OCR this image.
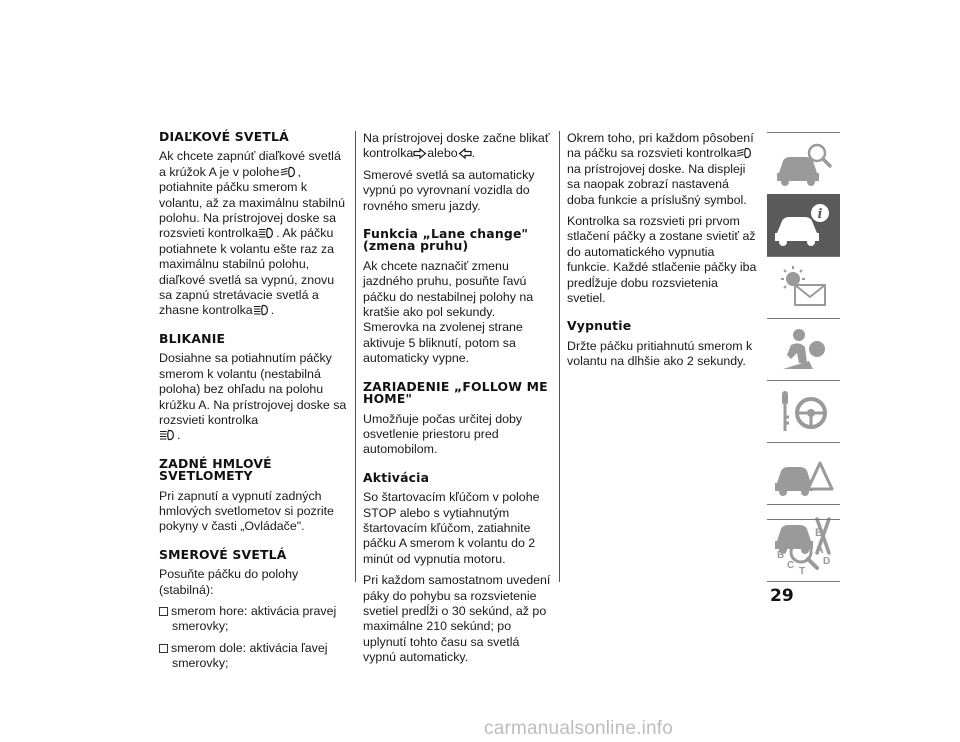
DIAĽKOVÉ SVETLÁ

Ak chcete zapnúť diaľkové svetlá a krúžok A je v polohe , potiahnite páčku smerom k volantu, až za maximálnu stabilnú polohu. Na prístrojovej doske sa rozsvieti kontrolka . Ak páčku potiahnete k volantu ešte raz za maximálnu stabilnú polohu, diaľkové svetlá sa vypnú, znovu sa zapnú stretávacie svetlá a zhasne kontrolka .

BLIKANIE

Dosiahne sa potiahnutím páčky smerom k volantu (nestabilná poloha) bez ohľadu na polohu krúžku A. Na prístrojovej doske sa rozsvieti kontrolka
.

ZADNÉ HMLOVÉ SVETLOMETY

Pri zapnutí a vypnutí zadných hmlových svetlometov si pozrite pokyny v časti „Ovládače".

SMEROVÉ SVETLÁ

Posuňte páčku do polohy (stabilná):

smerom hore: aktivácia pravej smerovky;
smerom dole: aktivácia ľavej smerovky;

Na prístrojovej doske začne blikať kontrolka alebo .

Smerové svetlá sa automaticky vypnú po vyrovnaní vozidla do rovného smeru jazdy.

Funkcia „Lane change" (zmena pruhu)

Ak chcete naznačiť zmenu jazdného pruhu, posuňte ľavú páčku do nestabilnej polohy na kratšie ako pol sekundy. Smerovka na zvolenej strane aktivuje 5 bliknutí, potom sa automaticky vypne.

ZARIADENIE „FOLLOW ME HOME"

Umožňuje počas určitej doby osvetlenie priestoru pred automobilom.

Aktivácia

So štartovacím kľúčom v polohe STOP alebo s vytiahnutým štartovacím kľúčom, zatiahnite páčku A smerom k volantu do 2 minút od vypnutia motoru.

Pri každom samostatnom uvedení páky do pohybu sa rozsvietenie svetiel predĺži o 30 sekúnd, až po maximálne 210 sekúnd; po uplynutí tohto času sa svetlá vypnú automaticky.

Okrem toho, pri každom pôsobení na páčku sa rozsvieti kontrolkana prístrojovej doske. Na displeji sa naopak zobrazí nastavená doba funkcie a príslušný symbol.

Kontrolka sa rozsvieti pri prvom stlačení páčky a zostane svietiť až do automatického vypnutia funkcie. Každé stlačenie páčky iba predĺžuje dobu rozsvietenia svetiel.

Vypnutie

Držte páčku pritiahnutú smerom k volantu na dlhšie ako 2 sekundy.

i
Z	E
A
B
C
T
D
29
carmanualsonline.info
